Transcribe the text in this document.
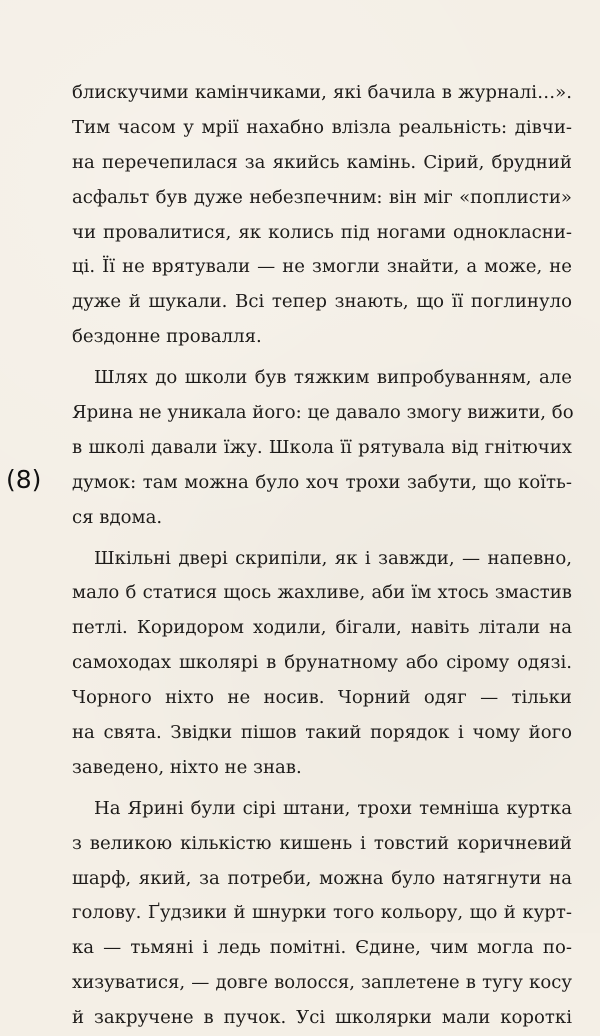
(8)
блискучими камінчиками, які бачила в журналі…».
Тим часом у мрії нахабно влізла реальність: дівчи-
на перечепилася за якийсь камінь. Сірий, брудний
асфальт був дуже небезпечним: він міг «поплисти»
чи провалитися, як колись під ногами однокласни-
ці. Її не врятували — не змогли знайти, а може, не
дуже й шукали. Всі тепер знають, що її поглинуло
бездонне провалля.
Шлях до школи був тяжким випробуванням, але
Ярина не уникала його: це давало змогу вижити, бо
в школі давали їжу. Школа її рятувала від гнітючих
думок: там можна було хоч трохи забути, що коїть-
ся вдома.
Шкільні двері скрипіли, як і завжди, — напевно,
мало б статися щось жахливе, аби їм хтось змастив
петлі. Коридором ходили, бігали, навіть літали на
самоходах школярі в брунатному або сірому одязі.
Чорного ніхто не носив. Чорний одяг — тільки
на свята. Звідки пішов такий порядок і чому його
заведено, ніхто не знав.
На Ярині були сірі штани, трохи темніша куртка
з великою кількістю кишень і товстий коричневий
шарф, який, за потреби, можна було натягнути на
голову. Ґудзики й шнурки того кольору, що й курт-
ка — тьмяні і ледь помітні. Єдине, чим могла по-
хизуватися, — довге волосся, заплетене в тугу косу
й закручене в пучок. Усі школярки мали короткі
